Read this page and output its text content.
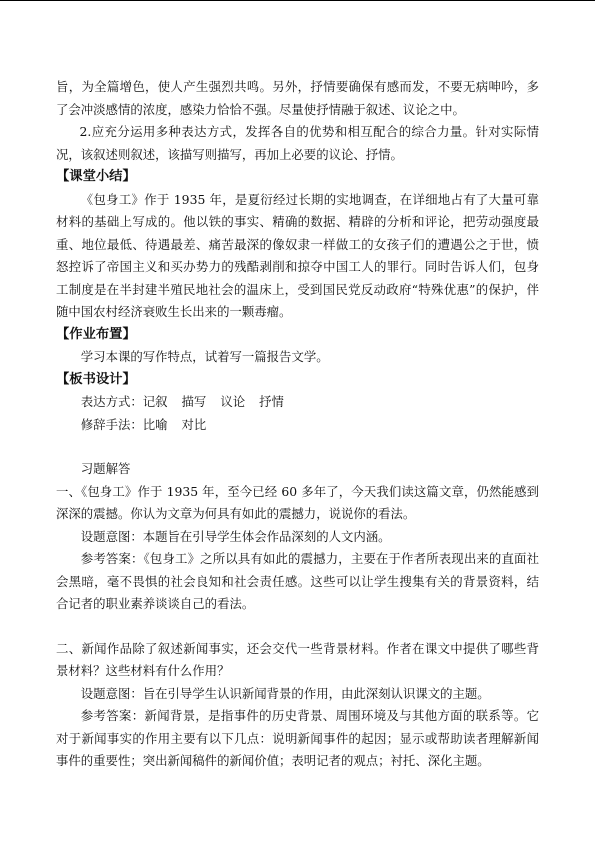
旨，为全篇增色，使人产生强烈共鸣。另外，抒情要确保有感而发，不要无病呻吟，多了会冲淡感情的浓度，感染力恰恰不强。尽量使抒情融于叙述、议论之中。

2.应充分运用多种表达方式，发挥各自的优势和相互配合的综合力量。针对实际情况，该叙述则叙述，该描写则描写，再加上必要的议论、抒情。

【课堂小结】

《包身工》作于 1935 年，是夏衍经过长期的实地调查，在详细地占有了大量可靠材料的基础上写成的。他以铁的事实、精确的数据、精辟的分析和评论，把劳动强度最重、地位最低、待遇最差、痛苦最深的像奴隶一样做工的女孩子们的遭遇公之于世，愤怒控诉了帝国主义和买办势力的残酷剥削和掠夺中国工人的罪行。同时告诉人们，包身工制度是在半封建半殖民地社会的温床上，受到国民党反动政府“特殊优惠”的保护，伴随中国农村经济衰败生长出来的一颗毒瘤。

【作业布置】

学习本课的写作特点，试着写一篇报告文学。

【板书设计】

表达方式：记叙 描写 议论 抒情

修辞手法：比喻 对比

习题解答

一、《包身工》作于 1935 年，至今已经 60 多年了，今天我们读这篇文章，仍然能感到深深的震撼。你认为文章为何具有如此的震撼力，说说你的看法。

设题意图：本题旨在引导学生体会作品深刻的人文内涵。

参考答案：《包身工》之所以具有如此的震撼力，主要在于作者所表现出来的直面社会黑暗，毫不畏惧的社会良知和社会责任感。这些可以让学生搜集有关的背景资料，结合记者的职业素养谈谈自己的看法。

二、新闻作品除了叙述新闻事实，还会交代一些背景材料。作者在课文中提供了哪些背景材料？这些材料有什么作用？

设题意图：旨在引导学生认识新闻背景的作用，由此深刻认识课文的主题。

参考答案：新闻背景，是指事件的历史背景、周围环境及与其他方面的联系等。它对于新闻事实的作用主要有以下几点：说明新闻事件的起因；显示或帮助读者理解新闻事件的重要性；突出新闻稿件的新闻价值；表明记者的观点；衬托、深化主题。
